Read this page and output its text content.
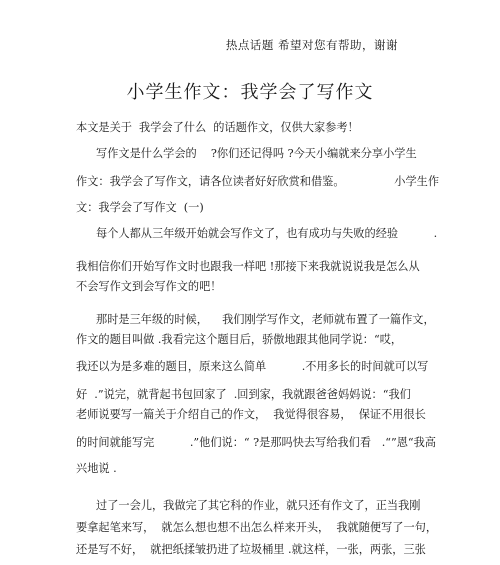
热点话题 希望对您有帮助，谢谢
小学生作文：我学会了写作文
本文是关于  我学会了什么  的话题作文，仅供大家参考！
写作文是什么学会的    ?你们还记得吗 ?今天小编就来分享小学生
作文：我学会了写作文，请各位读者好好欣赏和借鉴。              小学生作
文：我学会了写作文  (一)
每个人都从三年级开始就会写作文了，也有成功与失败的经验          .
我相信你们开始写作文时也跟我一样吧 !那接下来我就说说我是怎么从
不会写作文到会写作文的吧！
那时是三年级的时候，    我们刚学写作文，老师就布置了一篇作文，
作文的题目叫做 .我看完这个题目后，骄傲地跟其他同学说：“哎，
我还以为是多难的题目，原来这么简单          .不用多长的时间就可以写
好  .”说完，就背起书包回家了  .回到家，我就跟爸爸妈妈说：“我们
老师说要写一篇关于介绍自己的作文，  我觉得很容易，  保证不用很长
的时间就能写完          .”他们说：“ ?是那吗快去写给我们看   .“”恩“我高
兴地说 .
过了一会儿，我做完了其它科的作业，就只还有作文了，正当我刚
要拿起笔来写，  就怎么想也想不出怎么样来开头，  我就随便写了一句，
还是写不好，  就把纸揉皱扔进了垃圾桶里 .就这样，一张，两张，三张
